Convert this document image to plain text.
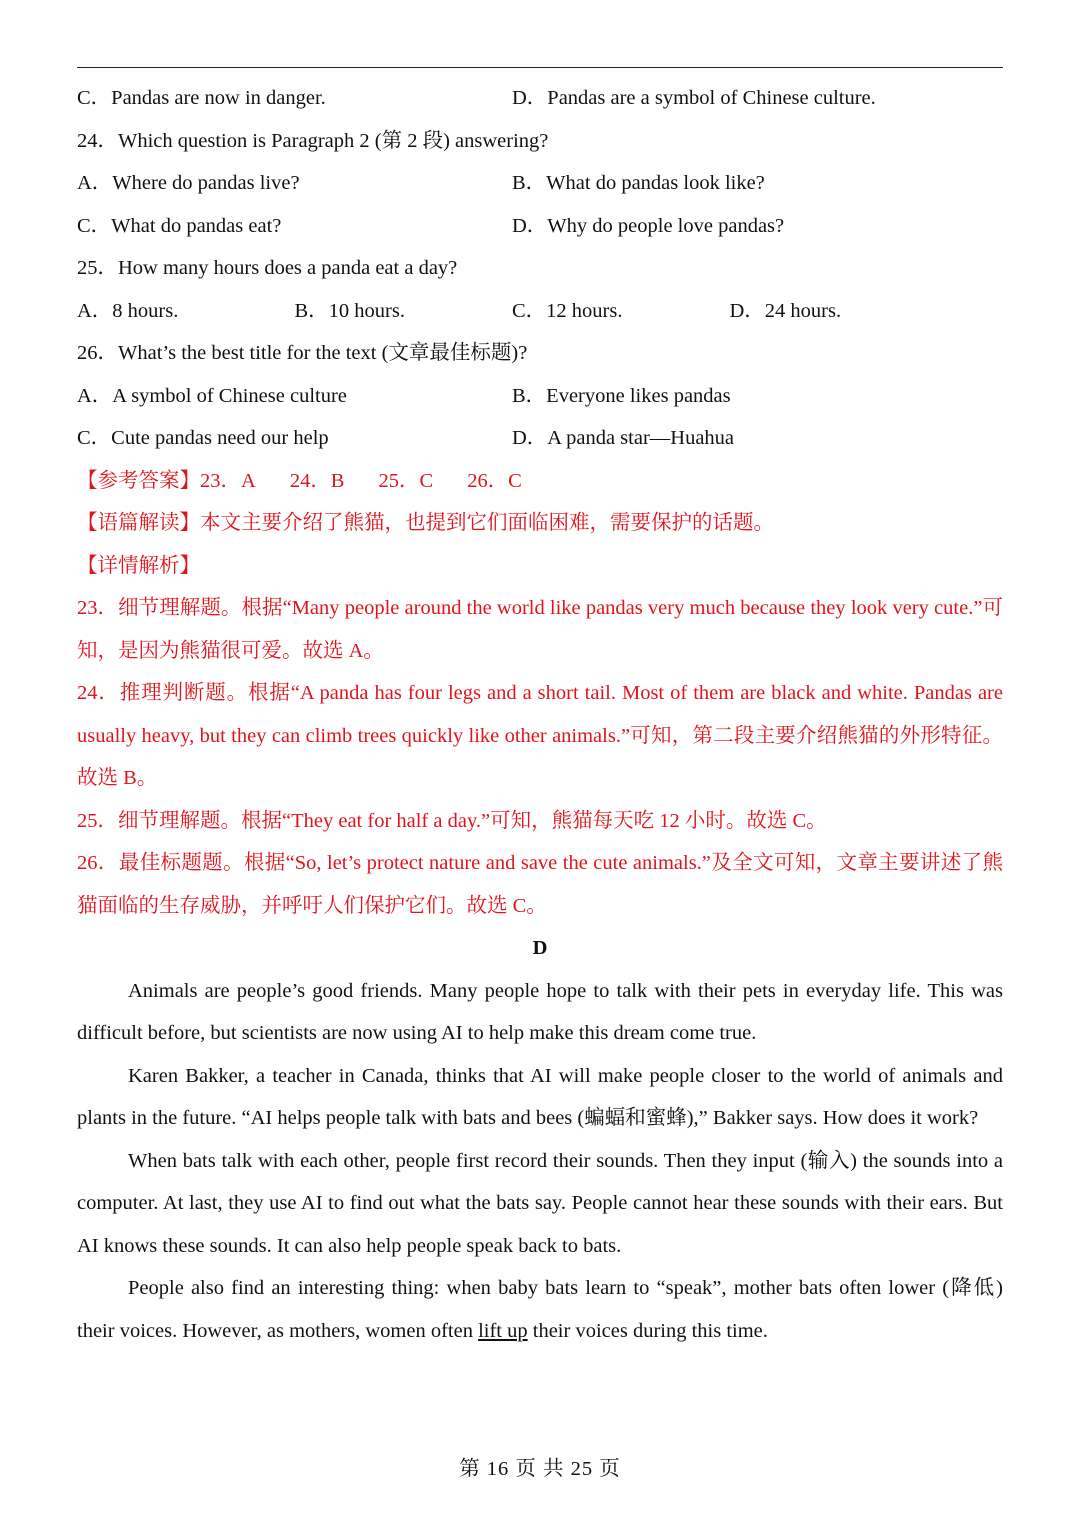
C．Pandas are now in danger.	D．Pandas are a symbol of Chinese culture.
24．Which question is Paragraph 2 (第 2 段) answering?
A．Where do pandas live?	B．What do pandas look like?
C．What do pandas eat?	D．Why do people love pandas?
25．How many hours does a panda eat a day?
A．8 hours.	B．10 hours.	C．12 hours.	D．24 hours.
26．What’s the best title for the text (文章最佳标题)?
A．A symbol of Chinese culture	B．Everyone likes pandas
C．Cute pandas need our help	D．A panda star—Huahua
【参考答案】23．A 24．B 25．C 26．C
【语篇解读】本文主要介绍了熊猫，也提到它们面临困难，需要保护的话题。
【详情解析】

23．细节理解题。根据“Many people around the world like pandas very much because they look very cute.”可知，是因为熊猫很可爱。故选 A。

24．推理判断题。根据“A panda has four legs and a short tail. Most of them are black and white. Pandas are usually heavy, but they can climb trees quickly like other animals.”可知，第二段主要介绍熊猫的外形特征。故选 B。

25．细节理解题。根据“They eat for half a day.”可知，熊猫每天吃 12 小时。故选 C。

26．最佳标题题。根据“So, let’s protect nature and save the cute animals.”及全文可知，文章主要讲述了熊猫面临的生存威胁，并呼吁人们保护它们。故选 C。

D

Animals are people’s good friends. Many people hope to talk with their pets in everyday life. This was difficult before, but scientists are now using AI to help make this dream come true.

Karen Bakker, a teacher in Canada, thinks that AI will make people closer to the world of animals and plants in the future. “AI helps people talk with bats and bees (蝙蝠和蜜蜂),” Bakker says. How does it work?

When bats talk with each other, people first record their sounds. Then they input (输入) the sounds into a computer. At last, they use AI to find out what the bats say. People cannot hear these sounds with their ears. But AI knows these sounds. It can also help people speak back to bats.

People also find an interesting thing: when baby bats learn to “speak”, mother bats often lower (降低) their voices. However, as mothers, women often lift up their voices during this time.

第 16 页 共 25 页
